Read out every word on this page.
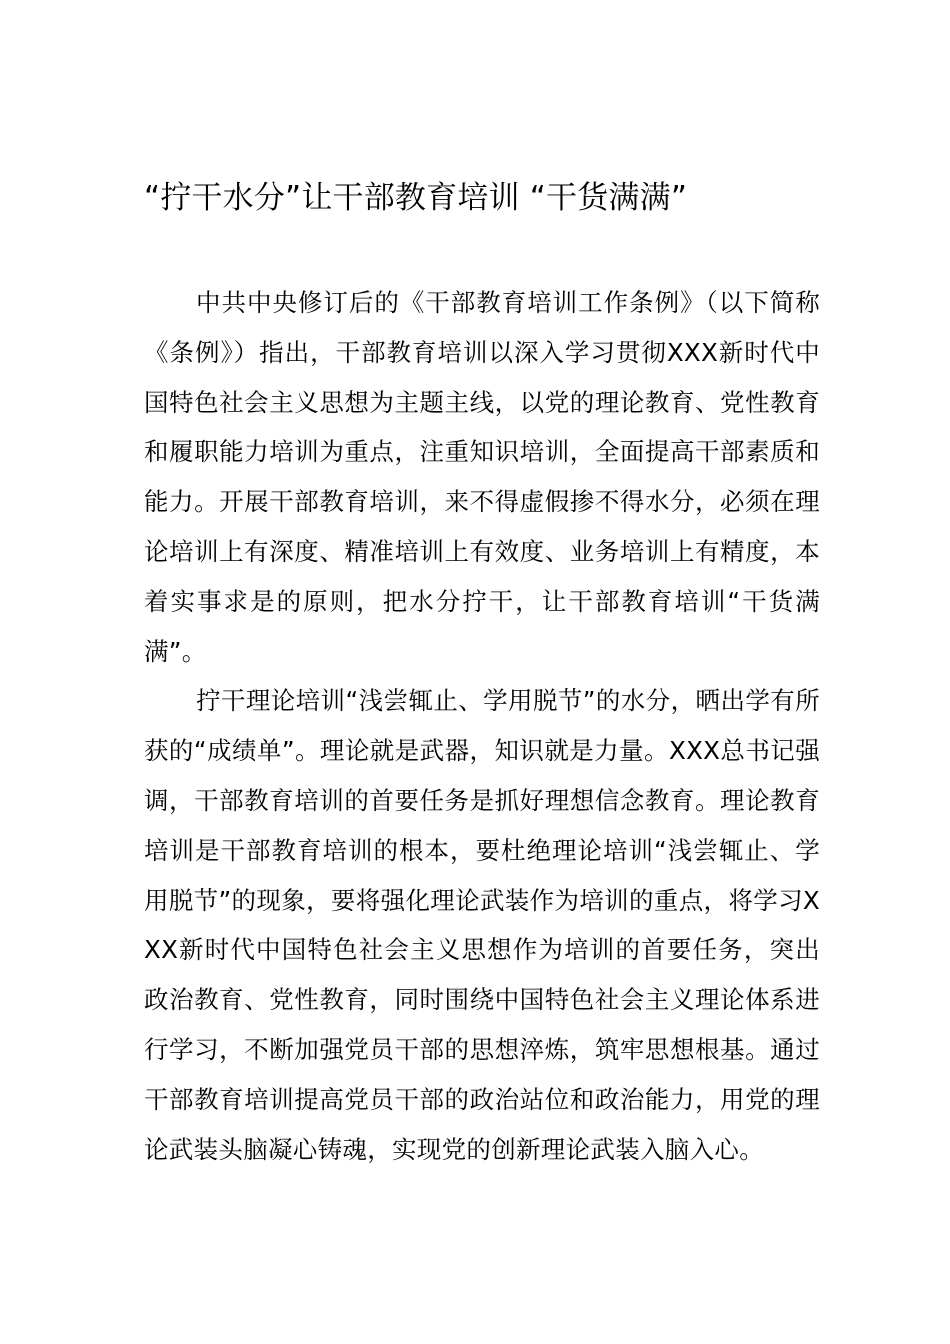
“拧干水分”让干部教育培训 “干货满满”

中共中央修订后的《干部教育培训工作条例》（以下简称《条例》）指出，干部教育培训以深入学习贯彻XXX新时代中国特色社会主义思想为主题主线，以党的理论教育、党性教育和履职能力培训为重点，注重知识培训，全面提高干部素质和能力。开展干部教育培训，来不得虚假掺不得水分，必须在理论培训上有深度、精准培训上有效度、业务培训上有精度，本着实事求是的原则，把水分拧干，让干部教育培训“干货满满”。

拧干理论培训“浅尝辄止、学用脱节”的水分，晒出学有所获的“成绩单”。理论就是武器，知识就是力量。XXX总书记强调，干部教育培训的首要任务是抓好理想信念教育。理论教育培训是干部教育培训的根本，要杜绝理论培训“浅尝辄止、学用脱节”的现象，要将强化理论武装作为培训的重点，将学习XXX新时代中国特色社会主义思想作为培训的首要任务，突出政治教育、党性教育，同时围绕中国特色社会主义理论体系进行学习，不断加强党员干部的思想淬炼，筑牢思想根基。通过干部教育培训提高党员干部的政治站位和政治能力，用党的理论武装头脑凝心铸魂，实现党的创新理论武装入脑入心。
